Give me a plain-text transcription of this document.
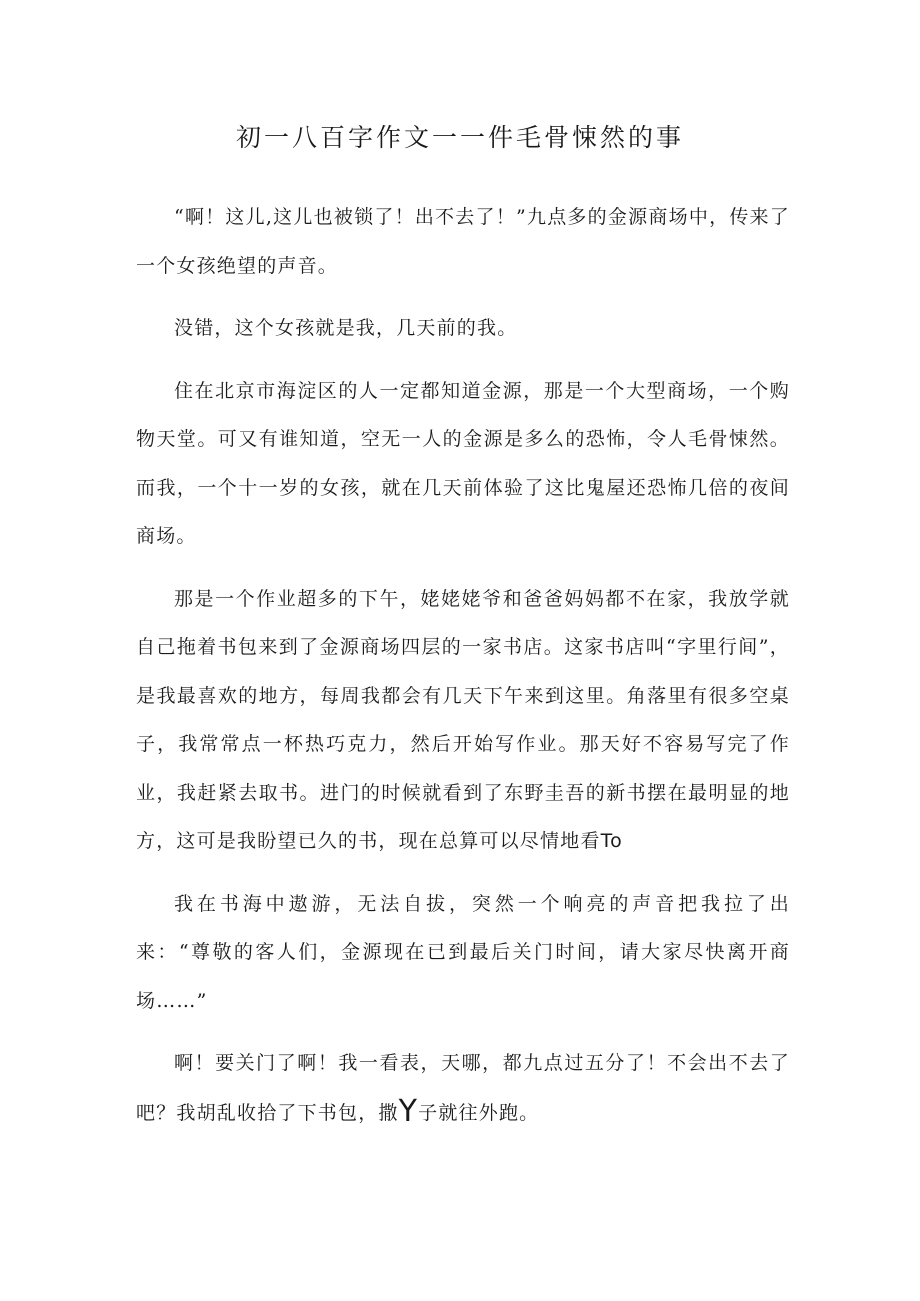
初一八百字作文一一件毛骨悚然的事

“啊！这儿,这儿也被锁了！出不去了！”九点多的金源商场中，传来了一个女孩绝望的声音。

没错，这个女孩就是我，几天前的我。

住在北京市海淀区的人一定都知道金源，那是一个大型商场，一个购物天堂。可又有谁知道，空无一人的金源是多么的恐怖，令人毛骨悚然。而我，一个十一岁的女孩，就在几天前体验了这比鬼屋还恐怖几倍的夜间商场。

那是一个作业超多的下午，姥姥姥爷和爸爸妈妈都不在家，我放学就自己拖着书包来到了金源商场四层的一家书店。这家书店叫“字里行间”，是我最喜欢的地方，每周我都会有几天下午来到这里。角落里有很多空桌子，我常常点一杯热巧克力，然后开始写作业。那天好不容易写完了作业，我赶紧去取书。进门的时候就看到了东野圭吾的新书摆在最明显的地方，这可是我盼望已久的书，现在总算可以尽情地看To

我在书海中遨游，无法自拔，突然一个响亮的声音把我拉了出来：“尊敬的客人们，金源现在已到最后关门时间，请大家尽快离开商场……”

啊！要关门了啊！我一看表，天哪，都九点过五分了！不会出不去了吧？我胡乱收拾了下书包，撒Y子就往外跑。
